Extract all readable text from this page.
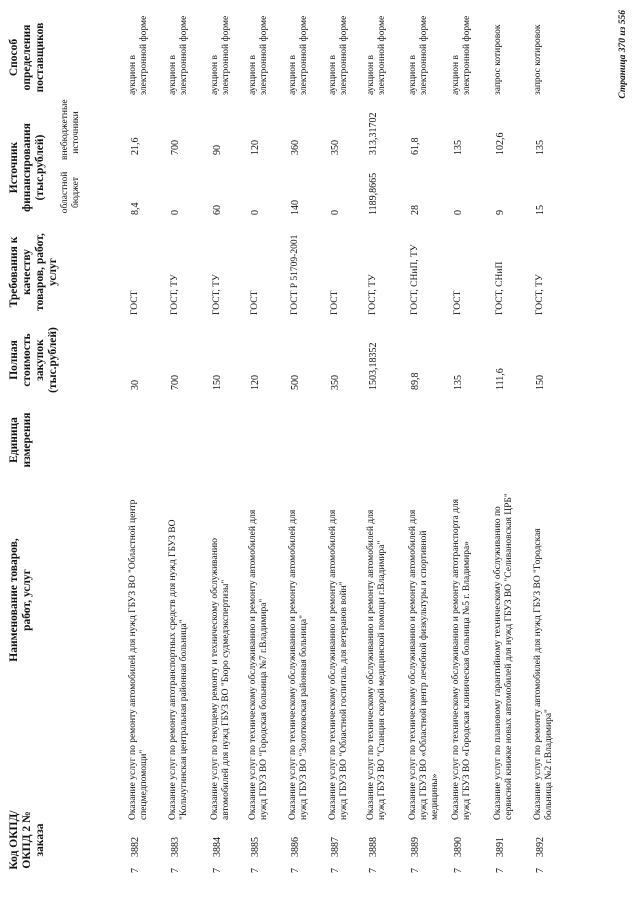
Код ОКПД/ ОКПД 2 № заказа
Наименование товаров, работ, услуг
Единица измерения
Полная стоимость закупок (тыс.рублей)
Требования к качеству товаров, работ, услуг
Источник финансирования (тыс.рублей) областной бюджет
внебюджетные источники
Способ определения поставщиков
7
3882
Оказание услуг по ремонту автомобилей для нужд ГБУЗ ВО "Областной центр спецмедпомощи"
30
ГОСТ
8,4
21,6
аукцион в электронной форме
7
3883
Оказание услуг по ремонту автотранспортных средств для нужд ГБУЗ ВО "Кольчугинская центральная районная больница"
700
ГОСТ, ТУ
0
700
аукцион в электронной форме
7
3884
Оказание услуг по текущему ремонту и техническому обслуживанию автомобилей для нужд ГБУЗ ВО "Бюро судмедэкспертизы"
150
ГОСТ, ТУ
60
90
аукцион в электронной форме
7
3885
Оказание услуг по техническому обслуживанию и ремонту автомобилей для нужд ГБУЗ ВО "Городская больница №7 г.Владимира"
120
ГОСТ
0
120
аукцион в электронной форме
7
3886
Оказание услуг по техническому обслуживанию и ремонту автомобилей для нужд ГБУЗ ВО "Золотковская районная больница"
500
ГОСТ Р 51709-2001
140
360
аукцион в электронной форме
7
3887
Оказание услуг по техническому обслуживанию и ремонту автомобилей для нужд ГБУЗ ВО "Областной госпиталь для ветеранов войн"
350
ГОСТ
0
350
аукцион в электронной форме
7
3888
Оказание услуг по техническому обслуживанию и ремонту автомобилей для нужд ГБУЗ ВО "Станция скорой медицинской помощи г.Владимира"
1503,18352
ГОСТ, ТУ
1189,8665
313,31702
аукцион в электронной форме
7
3889
Оказание услуг по техническому обслуживанию и ремонту автомобилей для нужд ГБУЗ ВО «Областной центр лечебной физкультуры и спортивной медицины»
89,8
ГОСТ, СНиП, ТУ
28
61,8
аукцион в электронной форме
7
3890
Оказание услуг по техническому обслуживанию и ремонту автотранспорта для нужд ГБУЗ ВО «Городская клиническая больница №5 г. Владимира»
135
ГОСТ
0
135
аукцион в электронной форме
7
3891
Оказание услуг по плановому гарантийному техническому обслуживанию по сервисной книжке новых автомобилей для нужд ГБУЗ ВО "Селивановская ЦРБ"
111,6
ГОСТ, СНиП
9
102,6
запрос котировок
7
3892
Оказание услуг по ремонту автомобилей для нужд ГБУЗ ВО "Городская больница №2 г.Владимира"
150
ГОСТ, ТУ
15
135
запрос котировок	Страница 370 из 556
